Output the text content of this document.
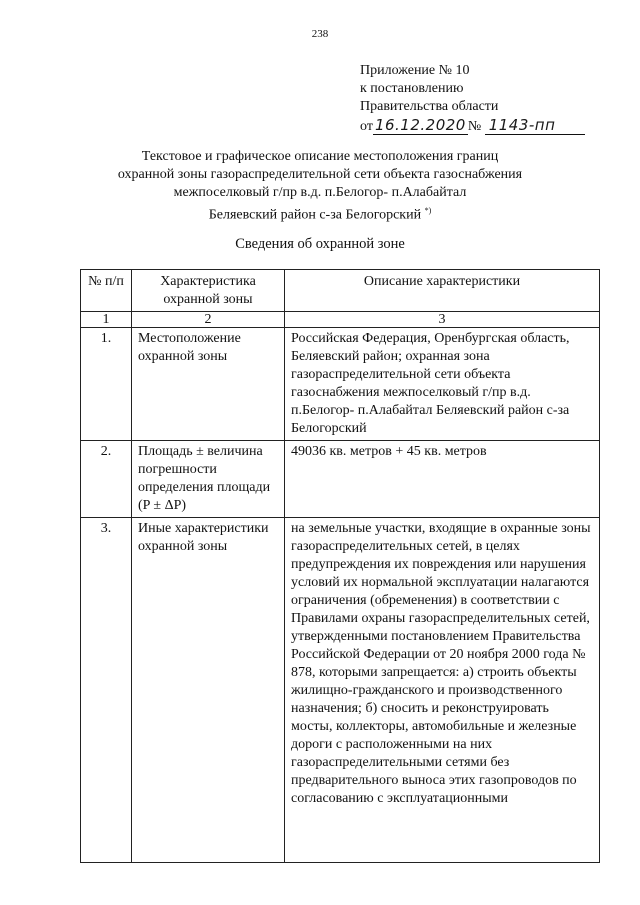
238
Приложение № 10
к постановлению
Правительства области
от 16.12.2020 № 1143-пп
Текстовое и графическое описание местоположения границ
охранной зоны газораспределительной сети объекта газоснабжения
межпоселковый г/пр в.д. п.Белогор- п.Алабайтал
Беляевский район с-за Белогорский *)
Сведения об охранной зоне
№ п/п	Характеристика охранной зоны	Описание характеристики
1	2	3
1.	Местоположение охранной зоны	Российская Федерация, Оренбургская область, Беляевский район; охранная зона газораспределительной сети объекта газоснабжения межпоселковый г/пр в.д. п.Белогор- п.Алабайтал Беляевский район с-за Белогорский
2.	Площадь ± величина погрешности определения площади (P ± ΔP)	49036 кв. метров + 45 кв. метров
3.	Иные характеристики охранной зоны	на земельные участки, входящие в охранные зоны газораспределительных сетей, в целях предупреждения их повреждения или нарушения условий их нормальной эксплуатации налагаются ограничения (обременения) в соответствии с Правилами охраны газораспределительных сетей, утвержденными постановлением Правительства Российской Федерации от 20 ноября 2000 года № 878, которыми запрещается: а) строить объекты жилищно-гражданского и производственного назначения; б) сносить и реконструировать мосты, коллекторы, автомобильные и железные дороги с расположенными на них газораспределительными сетями без предварительного выноса этих газопроводов по согласованию с эксплуатационными
